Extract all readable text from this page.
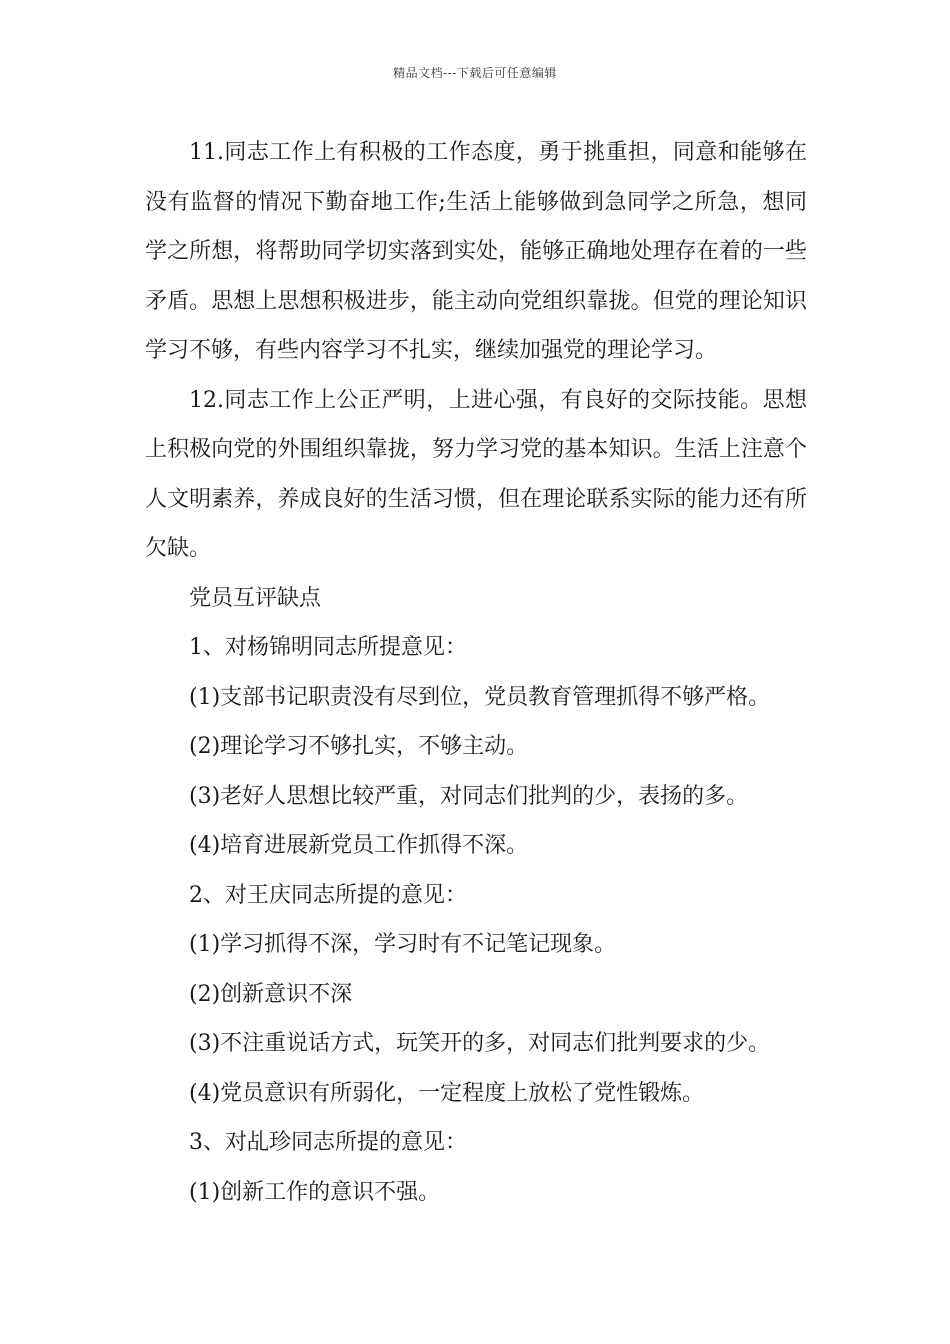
精品文档---下载后可任意编辑

11.同志工作上有积极的工作态度，勇于挑重担，同意和能够在没有监督的情况下勤奋地工作;生活上能够做到急同学之所急，想同学之所想，将帮助同学切实落到实处，能够正确地处理存在着的一些矛盾。思想上思想积极进步，能主动向党组织靠拢。但党的理论知识学习不够，有些内容学习不扎实，继续加强党的理论学习。

12.同志工作上公正严明，上进心强，有良好的交际技能。思想上积极向党的外围组织靠拢，努力学习党的基本知识。生活上注意个人文明素养，养成良好的生活习惯，但在理论联系实际的能力还有所欠缺。

党员互评缺点

1、对杨锦明同志所提意见：

(1)支部书记职责没有尽到位，党员教育管理抓得不够严格。

(2)理论学习不够扎实，不够主动。

(3)老好人思想比较严重，对同志们批判的少，表扬的多。

(4)培育进展新党员工作抓得不深。

2、对王庆同志所提的意见：

(1)学习抓得不深，学习时有不记笔记现象。

(2)创新意识不深

(3)不注重说话方式，玩笑开的多，对同志们批判要求的少。

(4)党员意识有所弱化，一定程度上放松了党性锻炼。

3、对乩珍同志所提的意见：

(1)创新工作的意识不强。
